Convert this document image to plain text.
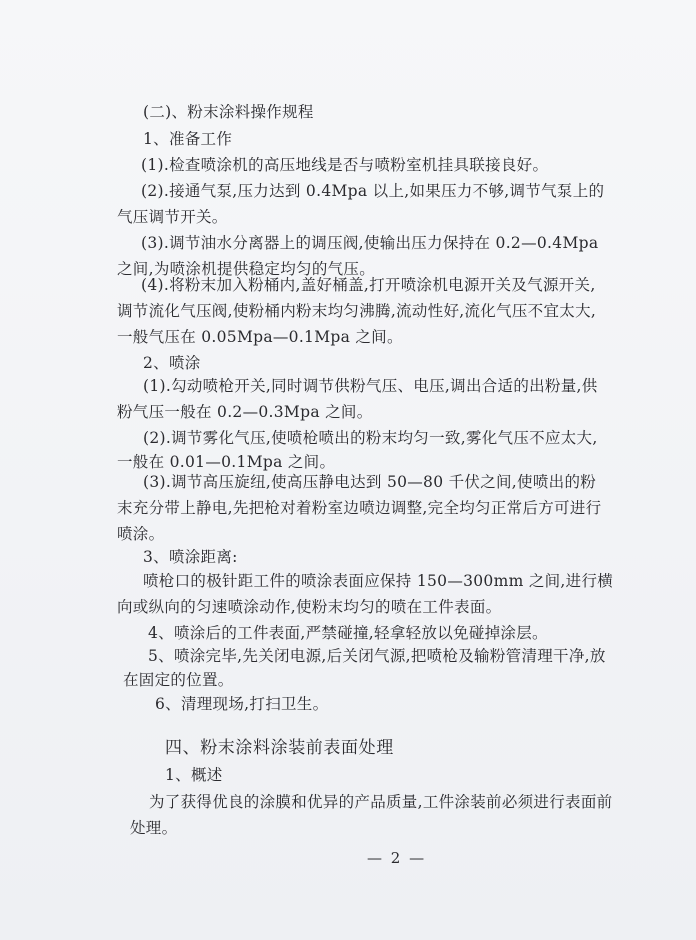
(二)、粉末涂料操作规程
1、准备工作
(1).检查喷涂机的高压地线是否与喷粉室机挂具联接良好。
(2).接通气泵,压力达到 0.4Mpa 以上,如果压力不够,调节气泵上的
气压调节开关。
(3).调节油水分离器上的调压阀,使输出压力保持在 0.2—0.4Mpa
之间,为喷涂机提供稳定均匀的气压。
(4).将粉末加入粉桶内,盖好桶盖,打开喷涂机电源开关及气源开关,
调节流化气压阀,使粉桶内粉末均匀沸腾,流动性好,流化气压不宜太大,
一般气压在 0.05Mpa—0.1Mpa 之间。
2、喷涂
(1).勾动喷枪开关,同时调节供粉气压、电压,调出合适的出粉量,供
粉气压一般在 0.2—0.3Mpa 之间。
(2).调节雾化气压,使喷枪喷出的粉末均匀一致,雾化气压不应太大,
一般在 0.01—0.1Mpa 之间。
(3).调节高压旋纽,使高压静电达到 50—80 千伏之间,使喷出的粉
末充分带上静电,先把枪对着粉室边喷边调整,完全均匀正常后方可进行
喷涂。
3、喷涂距离:
喷枪口的极针距工件的喷涂表面应保持 150—300mm 之间,进行横
向或纵向的匀速喷涂动作,使粉末均匀的喷在工件表面。
4、喷涂后的工件表面,严禁碰撞,轻拿轻放以免碰掉涂层。
5、喷涂完毕,先关闭电源,后关闭气源,把喷枪及输粉管清理干净,放
在固定的位置。
6、清理现场,打扫卫生。
四、粉末涂料涂装前表面处理
1、概述
为了获得优良的涂膜和优异的产品质量,工件涂装前必须进行表面前
处理。
— 2 —
